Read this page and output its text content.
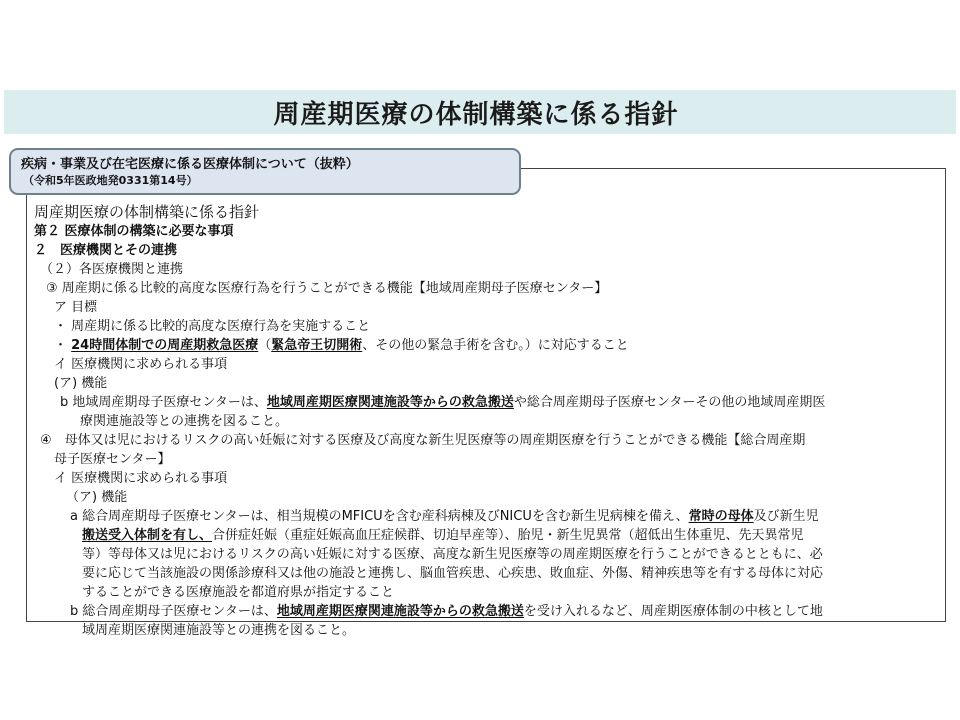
周産期医療の体制構築に係る指針
疾病・事業及び在宅医療に係る医療体制について（抜粋）
（令和5年医政地発0331第14号）
周産期医療の体制構築に係る指針
第２ 医療体制の構築に必要な事項
２　医療機関とその連携
（２）各医療機関と連携
③ 周産期に係る比較的高度な医療行為を行うことができる機能【地域周産期母子医療センター】
ア 目標
・ 周産期に係る比較的高度な医療行為を実施すること
・ 24時間体制での周産期救急医療（緊急帝王切開術、その他の緊急手術を含む。）に対応すること
イ 医療機関に求められる事項
(ア) 機能
b 地域周産期母子医療センターは、地域周産期医療関連施設等からの救急搬送や総合周産期母子医療センターその他の地域周産期医
療関連施設等との連携を図ること。
④　母体又は児におけるリスクの高い妊娠に対する医療及び高度な新生児医療等の周産期医療を行うことができる機能【総合周産期
母子医療センター】
イ 医療機関に求められる事項
（ア) 機能
a 総合周産期母子医療センターは、相当規模のMFICUを含む産科病棟及びNICUを含む新生児病棟を備え、常時の母体及び新生児
搬送受入体制を有し、合併症妊娠（重症妊娠高血圧症候群、切迫早産等）、胎児・新生児異常（超低出生体重児、先天異常児
等）等母体又は児におけるリスクの高い妊娠に対する医療、高度な新生児医療等の周産期医療を行うことができるとともに、必
要に応じて当該施設の関係診療科又は他の施設と連携し、脳血管疾患、心疾患、敗血症、外傷、精神疾患等を有する母体に対応
することができる医療施設を都道府県が指定すること
b 総合周産期母子医療センターは、地域周産期医療関連施設等からの救急搬送を受け入れるなど、周産期医療体制の中核として地
域周産期医療関連施設等との連携を図ること。
